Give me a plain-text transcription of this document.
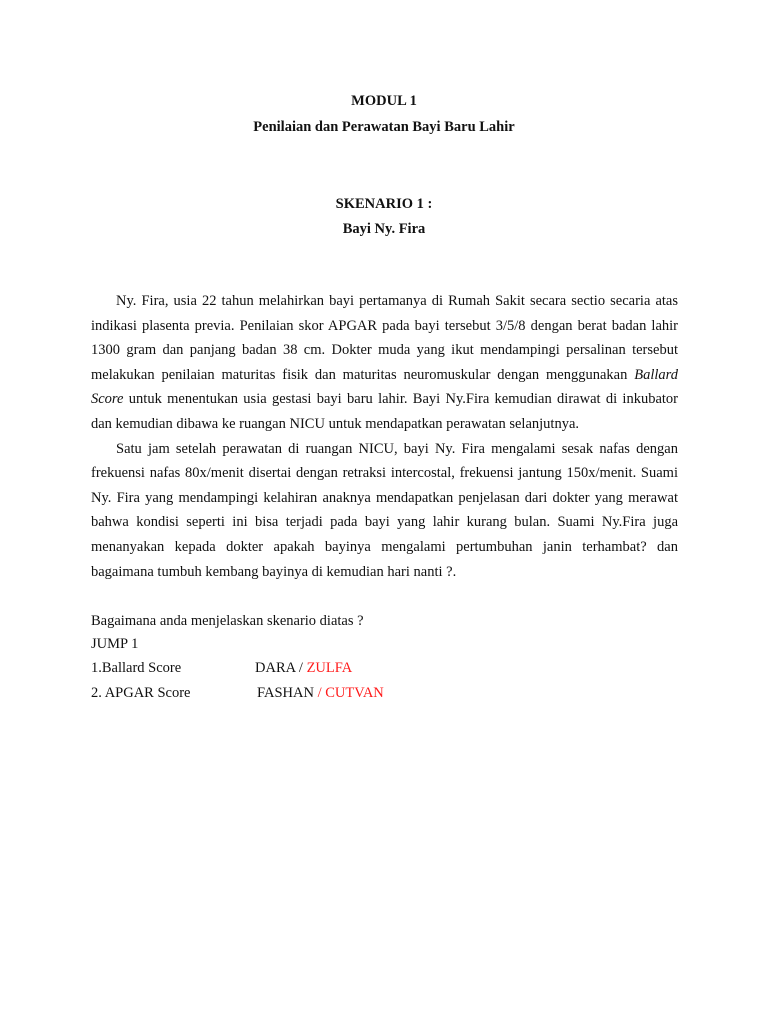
MODUL 1
Penilaian dan Perawatan Bayi Baru Lahir
SKENARIO 1 :
Bayi Ny. Fira

Ny. Fira, usia 22 tahun melahirkan bayi pertamanya di Rumah Sakit secara sectio secaria atas indikasi plasenta previa. Penilaian skor APGAR pada bayi tersebut 3/5/8 dengan berat badan lahir 1300 gram dan panjang badan 38 cm. Dokter muda yang ikut mendampingi persalinan tersebut melakukan penilaian maturitas fisik dan maturitas neuromuskular dengan menggunakan Ballard Score untuk menentukan usia gestasi bayi baru lahir. Bayi Ny.Fira kemudian dirawat di inkubator dan kemudian dibawa ke ruangan NICU untuk mendapatkan perawatan selanjutnya.

Satu jam setelah perawatan di ruangan NICU, bayi Ny. Fira mengalami sesak nafas dengan frekuensi nafas 80x/menit disertai dengan retraksi intercostal, frekuensi jantung 150x/menit. Suami Ny. Fira yang mendampingi kelahiran anaknya mendapatkan penjelasan dari dokter yang merawat bahwa kondisi seperti ini bisa terjadi pada bayi yang lahir kurang bulan. Suami Ny.Fira juga menanyakan kepada dokter apakah bayinya mengalami pertumbuhan janin terhambat? dan bagaimana tumbuh kembang bayinya di kemudian hari nanti ?.

Bagaimana anda menjelaskan skenario diatas ?
JUMP 1
1.Ballard Score	DARA / ZULFA
2. APGAR Score	FASHAN / CUTVAN
